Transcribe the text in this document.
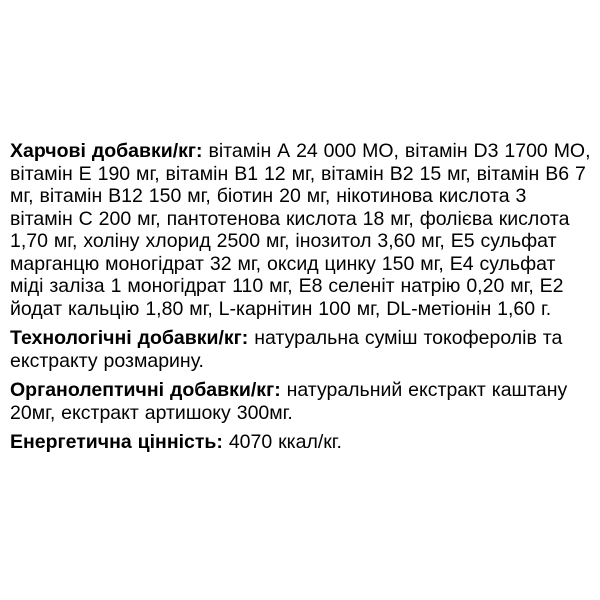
Харчові добавки/кг: вітамін А 24 000 МО, вітамін D3 1700 МО, вітамін Е 190 мг, вітамін В1 12 мг, вітамін В2 15 мг, вітамін В6 7 мг, вітамін В12 150 мг, біотин 20 мг, нікотинова кислота 3 вітамін С 200 мг, пантотенова кислота 18 мг, фолієва кислота 1,70 мг, холіну хлорид 2500 мг, інозитол 3,60 мг, Е5 сульфат марганцю моногідрат 32 мг, оксид цинку 150 мг, Е4 сульфат міді заліза 1 моногідрат 110 мг, Е8 селеніт натрію 0,20 мг, Е2 йодат кальцію 1,80 мг, L-карнітин 100 мг, DL-метіонін 1,60 г.

Технологічні добавки/кг: натуральна суміш токоферолів та екстракту розмарину.

Органолептичні добавки/кг: натуральний екстракт каштану 20мг, екстракт артишоку 300мг.

Енергетична цінність: 4070 ккал/кг.
